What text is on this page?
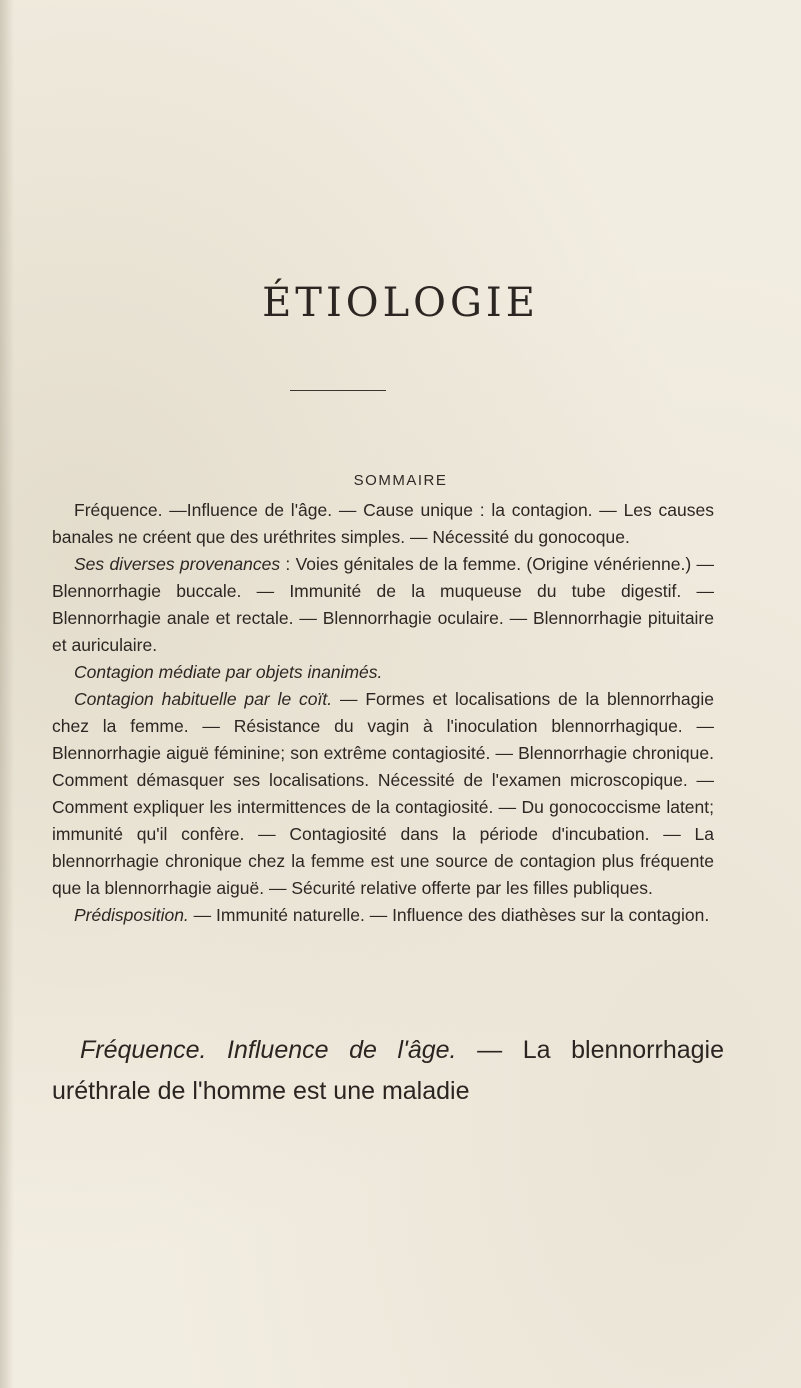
ÉTIOLOGIE
SOMMAIRE

Fréquence. —Influence de l'âge. — Cause unique : la contagion. — Les causes banales ne créent que des uréthrites simples. — Nécessité du gonocoque.

Ses diverses provenances : Voies génitales de la femme. (Origine vénérienne.) — Blennorrhagie buccale. — Immunité de la muqueuse du tube digestif. — Blennorrhagie anale et rectale. — Blennorrhagie oculaire. — Blennorrhagie pituitaire et auriculaire.

Contagion médiate par objets inanimés.

Contagion habituelle par le coït. — Formes et localisations de la blennorrhagie chez la femme. — Résistance du vagin à l'inoculation blennorrhagique. — Blennorrhagie aiguë féminine; son extrême contagiosité. — Blennorrhagie chronique. Comment démasquer ses localisations. Nécessité de l'examen microscopique. — Comment expliquer les intermittences de la contagiosité. — Du gonococcisme latent; immunité qu'il confère. — Contagiosité dans la période d'incubation. — La blennorrhagie chronique chez la femme est une source de contagion plus fréquente que la blennorrhagie aiguë. — Sécurité relative offerte par les filles publiques.

Prédisposition. — Immunité naturelle. — Influence des diathèses sur la contagion.

Fréquence. Influence de l'âge. — La blennorrhagie uréthrale de l'homme est une maladie
